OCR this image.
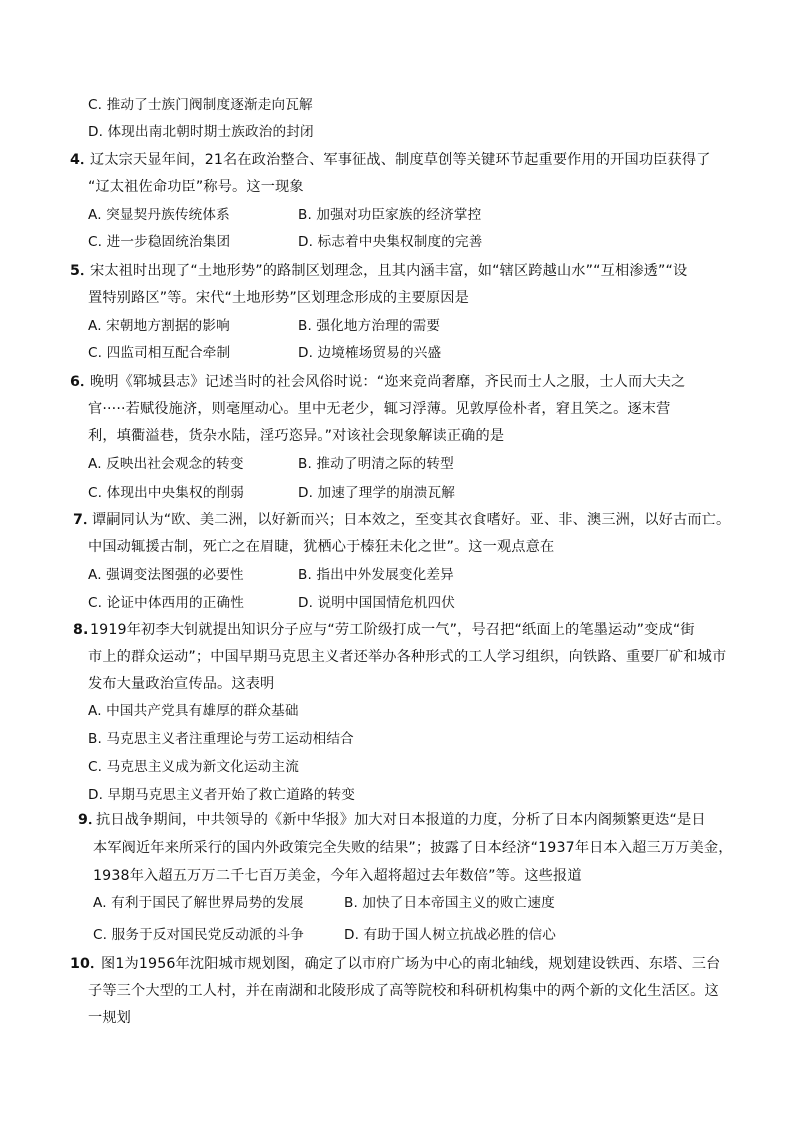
C. 推动了士族门阀制度逐渐走向瓦解
D. 体现出南北朝时期士族政治的封闭
4．
辽太宗天显年间，21名在政治整合、军事征战、制度草创等关键环节起重要作用的开国功臣获得了
“辽太祖佐命功臣”称号。这一现象
A. 突显契丹族传统体系	B. 加强对功臣家族的经济掌控
C. 进一步稳固统治集团	D. 标志着中央集权制度的完善
5．
宋太祖时出现了“土地形势”的路制区划理念，且其内涵丰富，如“辖区跨越山水”“互相渗透”“设
置特别路区”等。宋代“土地形势”区划理念形成的主要原因是
A. 宋朝地方割据的影响	B. 强化地方治理的需要
C. 四监司相互配合牵制	D. 边境榷场贸易的兴盛
6．
晚明《郓城县志》记述当时的社会风俗时说：“迩来竞尚奢靡，齐民而士人之服，士人而大夫之
官·····若赋役施济，则毫厘动心。里中无老少，辄习浮薄。见敦厚俭朴者，窘且笑之。逐末营
利，填衢溢巷，货杂水陆，淫巧恣异。”对该社会现象解读正确的是
A. 反映出社会观念的转变	B. 推动了明清之际的转型
C. 体现出中央集权的削弱	D. 加速了理学的崩溃瓦解
7．
谭嗣同认为“欧、美二洲，以好新而兴；日本效之，至变其衣食嗜好。亚、非、澳三洲，以好古而亡。
中国动辄援古制，死亡之在眉睫，犹栖心于榛狂未化之世”。这一观点意在
A. 强调变法图强的必要性	B. 指出中外发展变化差异
C. 论证中体西用的正确性	D. 说明中国国情危机四伏
8. 1919年初李大钊就提出知识分子应与“劳工阶级打成一气”，号召把“纸面上的笔墨运动”变成“街
市上的群众运动”；中国早期马克思主义者还举办各种形式的工人学习组织，向铁路、重要厂矿和城市
发布大量政治宣传品。这表明
A. 中国共产党具有雄厚的群众基础
B. 马克思主义者注重理论与劳工运动相结合
C. 马克思主义成为新文化运动主流
D. 早期马克思主义者开始了救亡道路的转变
9．
抗日战争期间，中共领导的《新中华报》加大对日本报道的力度，分析了日本内阁频繁更迭“是日
本军阀近年来所采行的国内外政策完全失败的结果”；披露了日本经济“1937年日本入超三万万美金，
1938年入超五万万二千七百万美金，今年入超将超过去年数倍”等。这些报道
A. 有利于国民了解世界局势的发展	B. 加快了日本帝国主义的败亡速度
C. 服务于反对国民党反动派的斗争	D. 有助于国人树立抗战必胜的信心
10．
图1为1956年沈阳城市规划图，确定了以市府广场为中心的南北轴线，规划建设铁西、东塔、三台
子等三个大型的工人村，并在南湖和北陵形成了高等院校和科研机构集中的两个新的文化生活区。这
一规划
